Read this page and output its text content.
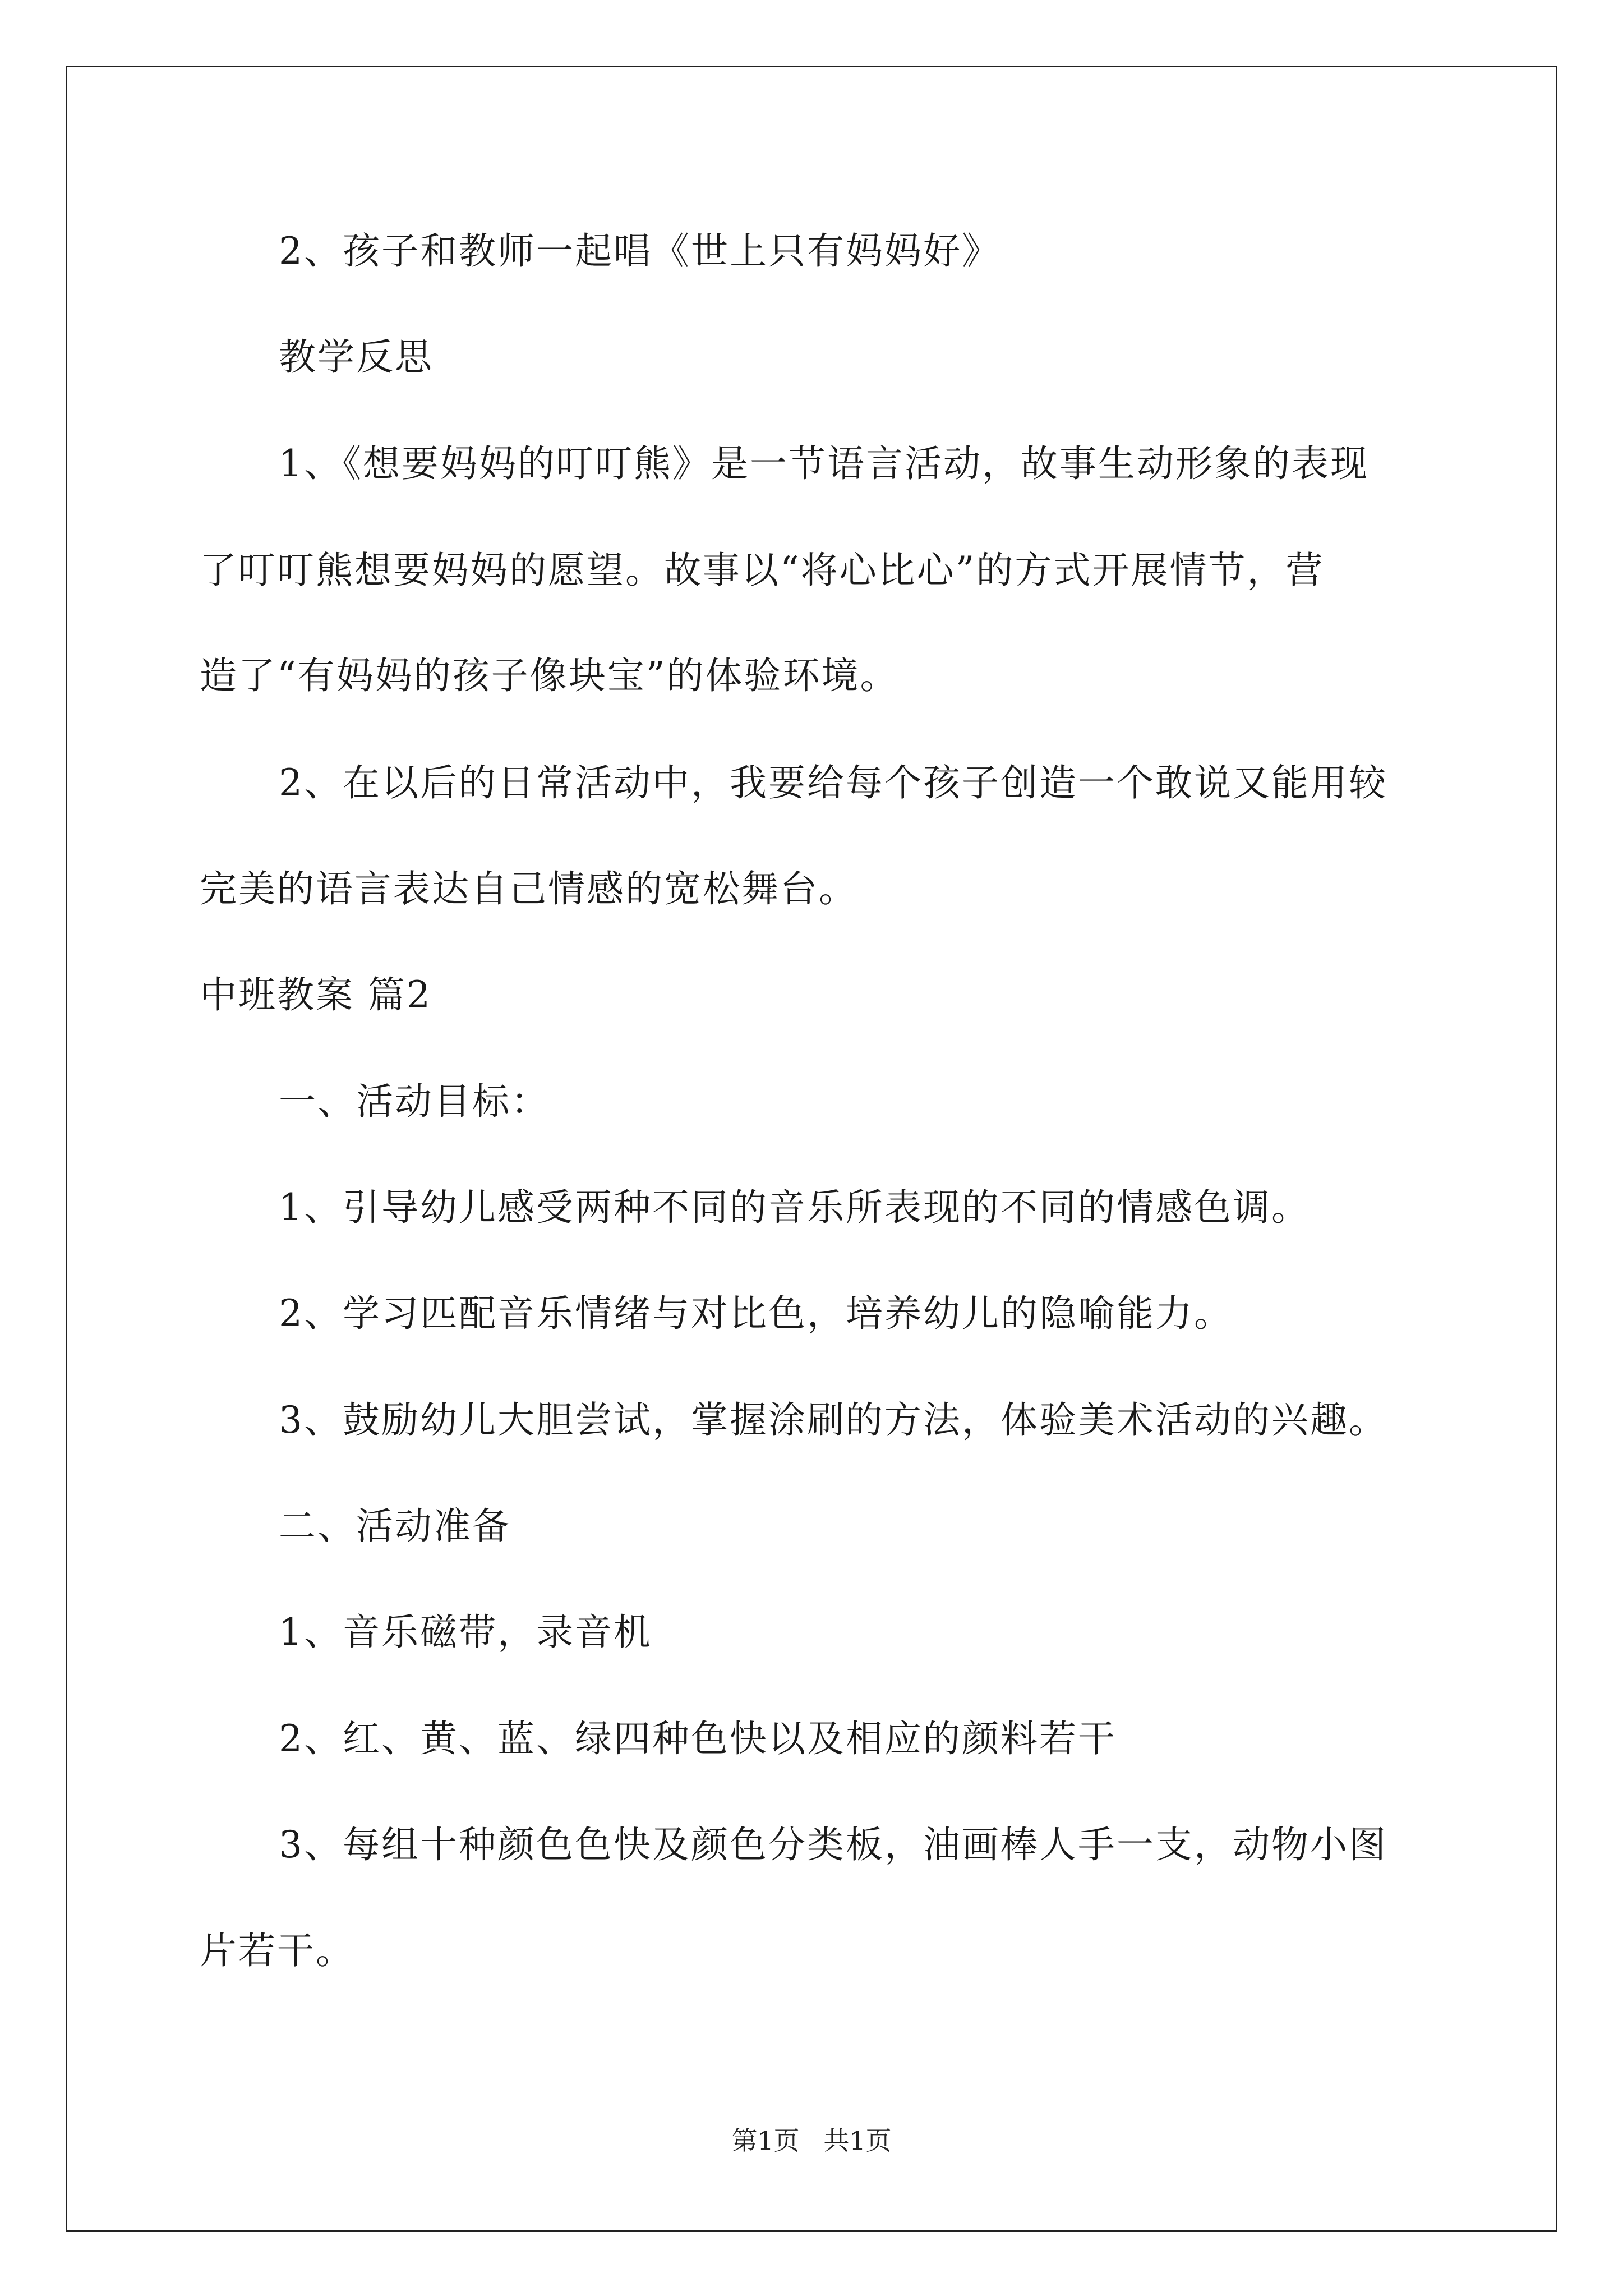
2、孩子和教师一起唱《世上只有妈妈好》
教学反思
1、《想要妈妈的叮叮熊》是一节语言活动，故事生动形象的表现
了叮叮熊想要妈妈的愿望。故事以“将心比心”的方式开展情节，营
造了“有妈妈的孩子像块宝”的体验环境。
2、在以后的日常活动中，我要给每个孩子创造一个敢说又能用较
完美的语言表达自己情感的宽松舞台。
中班教案 篇2
一、活动目标：
1、引导幼儿感受两种不同的音乐所表现的不同的情感色调。
2、学习匹配音乐情绪与对比色，培养幼儿的隐喻能力。
3、鼓励幼儿大胆尝试，掌握涂刷的方法，体验美术活动的兴趣。
二、活动准备
1、音乐磁带，录音机
2、红、黄、蓝、绿四种色快以及相应的颜料若干
3、每组十种颜色色快及颜色分类板，油画棒人手一支，动物小图
片若干。
第1页 共1页
